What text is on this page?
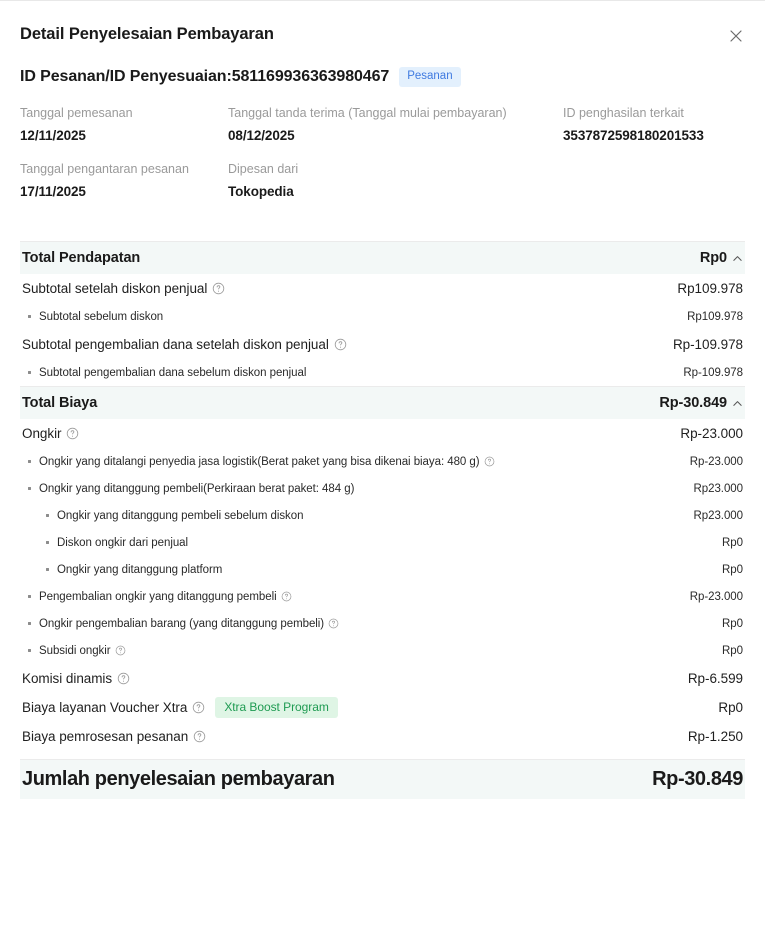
Detail Penyelesaian Pembayaran
ID Pesanan/ID Penyesuaian:581169936363980467	Pesanan
Tanggal pemesanan
12/11/2025
Tanggal tanda terima (Tanggal mulai pembayaran)
08/12/2025
ID penghasilan terkait
3537872598180201533
Tanggal pengantaran pesanan
17/11/2025
Dipesan dari
Tokopedia
Total Pendapatan	Rp0
Subtotal setelah diskon penjual	Rp109.978
Subtotal sebelum diskon	Rp109.978
Subtotal pengembalian dana setelah diskon penjual	Rp-109.978
Subtotal pengembalian dana sebelum diskon penjual	Rp-109.978
Total Biaya	Rp-30.849
Ongkir	Rp-23.000
Ongkir yang ditalangi penyedia jasa logistik(Berat paket yang bisa dikenai biaya: 480 g)	Rp-23.000
Ongkir yang ditanggung pembeli(Perkiraan berat paket: 484 g)	Rp23.000
Ongkir yang ditanggung pembeli sebelum diskon	Rp23.000
Diskon ongkir dari penjual	Rp0
Ongkir yang ditanggung platform	Rp0
Pengembalian ongkir yang ditanggung pembeli	Rp-23.000
Ongkir pengembalian barang (yang ditanggung pembeli)	Rp0
Subsidi ongkir	Rp0
Komisi dinamis	Rp-6.599
Biaya layanan Voucher Xtra	Xtra Boost Program	Rp0
Biaya pemrosesan pesanan	Rp-1.250
Jumlah penyelesaian pembayaran	Rp-30.849
